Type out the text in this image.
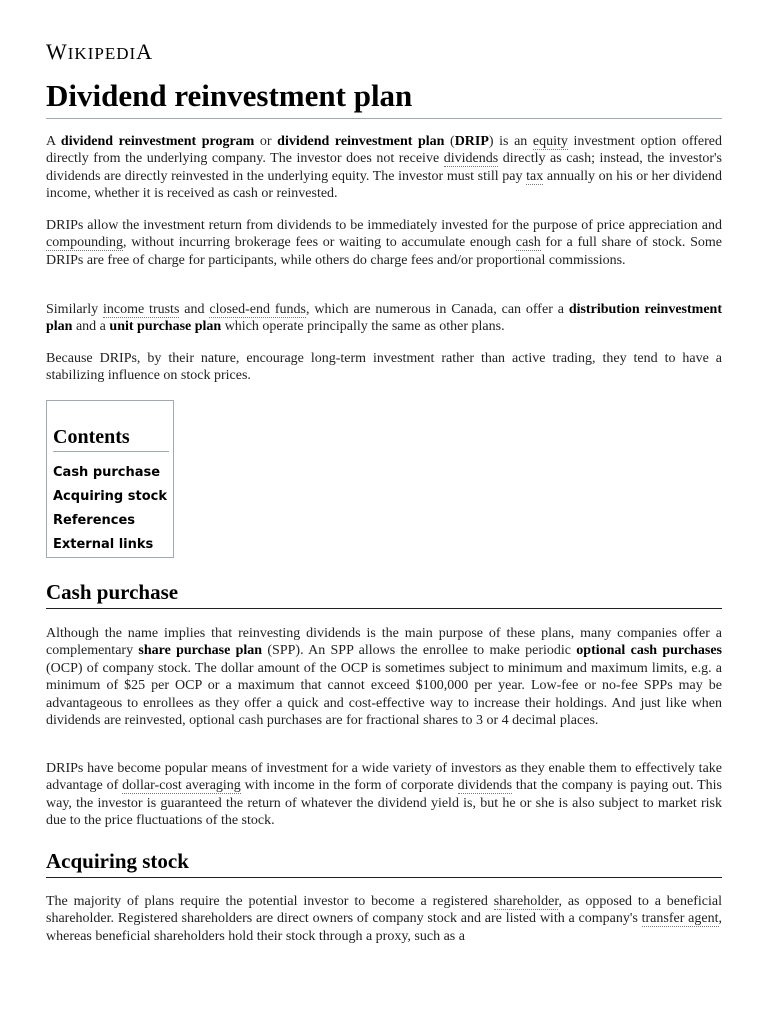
WIKIPEDIA
Dividend reinvestment plan

A dividend reinvestment program or dividend reinvestment plan (DRIP) is an equity investment option offered directly from the underlying company. The investor does not receive dividends directly as cash; instead, the investor's dividends are directly reinvested in the underlying equity. The investor must still pay tax annually on his or her dividend income, whether it is received as cash or reinvested.

DRIPs allow the investment return from dividends to be immediately invested for the purpose of price appreciation and compounding, without incurring brokerage fees or waiting to accumulate enough cash for a full share of stock. Some DRIPs are free of charge for participants, while others do charge fees and/or proportional commissions.

Similarly income trusts and closed-end funds, which are numerous in Canada, can offer a distribution reinvestment plan and a unit purchase plan which operate principally the same as other plans.

Because DRIPs, by their nature, encourage long-term investment rather than active trading, they tend to have a stabilizing influence on stock prices.

Contents
Cash purchase
Acquiring stock
References
External links
Cash purchase

Although the name implies that reinvesting dividends is the main purpose of these plans, many companies offer a complementary share purchase plan (SPP). An SPP allows the enrollee to make periodic optional cash purchases (OCP) of company stock. The dollar amount of the OCP is sometimes subject to minimum and maximum limits, e.g. a minimum of $25 per OCP or a maximum that cannot exceed $100,000 per year. Low-fee or no-fee SPPs may be advantageous to enrollees as they offer a quick and cost-effective way to increase their holdings. And just like when dividends are reinvested, optional cash purchases are for fractional shares to 3 or 4 decimal places.

DRIPs have become popular means of investment for a wide variety of investors as they enable them to effectively take advantage of dollar-cost averaging with income in the form of corporate dividends that the company is paying out. This way, the investor is guaranteed the return of whatever the dividend yield is, but he or she is also subject to market risk due to the price fluctuations of the stock.

Acquiring stock

The majority of plans require the potential investor to become a registered shareholder, as opposed to a beneficial shareholder. Registered shareholders are direct owners of company stock and are listed with a company's transfer agent, whereas beneficial shareholders hold their stock through a proxy, such as a
